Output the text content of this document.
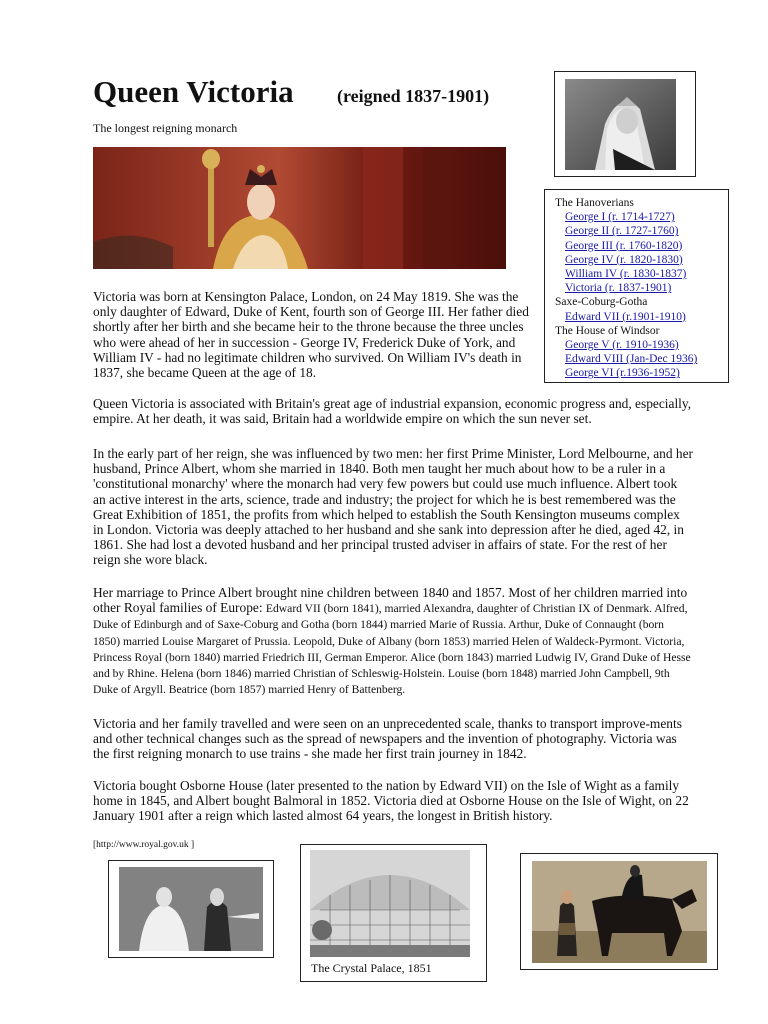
Queen Victoria (reigned 1837-1901)
The longest reigning monarch
The Hanoverians
George I (r. 1714-1727)
George II (r. 1727-1760)
George III (r. 1760-1820)
George IV (r. 1820-1830)
William IV (r. 1830-1837)
Victoria (r. 1837-1901)
Saxe-Coburg-Gotha
Edward VII (r.1901-1910)
The House of Windsor
George V (r. 1910-1936)
Edward VIII (Jan-Dec 1936)
George VI (r.1936-1952)

Victoria was born at Kensington Palace, London, on 24 May 1819. She was the only daughter of Edward, Duke of Kent, fourth son of George III. Her father died shortly after her birth and she became heir to the throne because the three uncles who were ahead of her in succession - George IV, Frederick Duke of York, and William IV - had no legitimate children who survived. On William IV's death in 1837, she became Queen at the age of 18.

Queen Victoria is associated with Britain's great age of industrial expansion, economic progress and, especially, empire. At her death, it was said, Britain had a worldwide empire on which the sun never set.

In the early part of her reign, she was influenced by two men: her first Prime Minister, Lord Melbourne, and her husband, Prince Albert, whom she married in 1840. Both men taught her much about how to be a ruler in a 'constitutional monarchy' where the monarch had very few powers but could use much influence. Albert took an active interest in the arts, science, trade and industry; the project for which he is best remembered was the Great Exhibition of 1851, the profits from which helped to establish the South Kensington museums complex in London. Victoria was deeply attached to her husband and she sank into depression after he died, aged 42, in 1861. She had lost a devoted husband and her principal trusted adviser in affairs of state. For the rest of her reign she wore black.

Her marriage to Prince Albert brought nine children between 1840 and 1857. Most of her children married into other Royal families of Europe: Edward VII (born 1841), married Alexandra, daughter of Christian IX of Denmark. Alfred, Duke of Edinburgh and of Saxe-Coburg and Gotha (born 1844) married Marie of Russia. Arthur, Duke of Connaught (born 1850) married Louise Margaret of Prussia. Leopold, Duke of Albany (born 1853) married Helen of Waldeck-Pyrmont. Victoria, Princess Royal (born 1840) married Friedrich III, German Emperor. Alice (born 1843) married Ludwig IV, Grand Duke of Hesse and by Rhine. Helena (born 1846) married Christian of Schleswig-Holstein. Louise (born 1848) married John Campbell, 9th Duke of Argyll. Beatrice (born 1857) married Henry of Battenberg.

Victoria and her family travelled and were seen on an unprecedented scale, thanks to transport improve-ments and other technical changes such as the spread of newspapers and the invention of photography. Victoria was the first reigning monarch to use trains - she made her first train journey in 1842.

Victoria bought Osborne House (later presented to the nation by Edward VII) on the Isle of Wight as a family home in 1845, and Albert bought Balmoral in 1852. Victoria died at Osborne House on the Isle of Wight, on 22 January 1901 after a reign which lasted almost 64 years, the longest in British history.

[http://www.royal.gov.uk ]
The Crystal Palace, 1851
